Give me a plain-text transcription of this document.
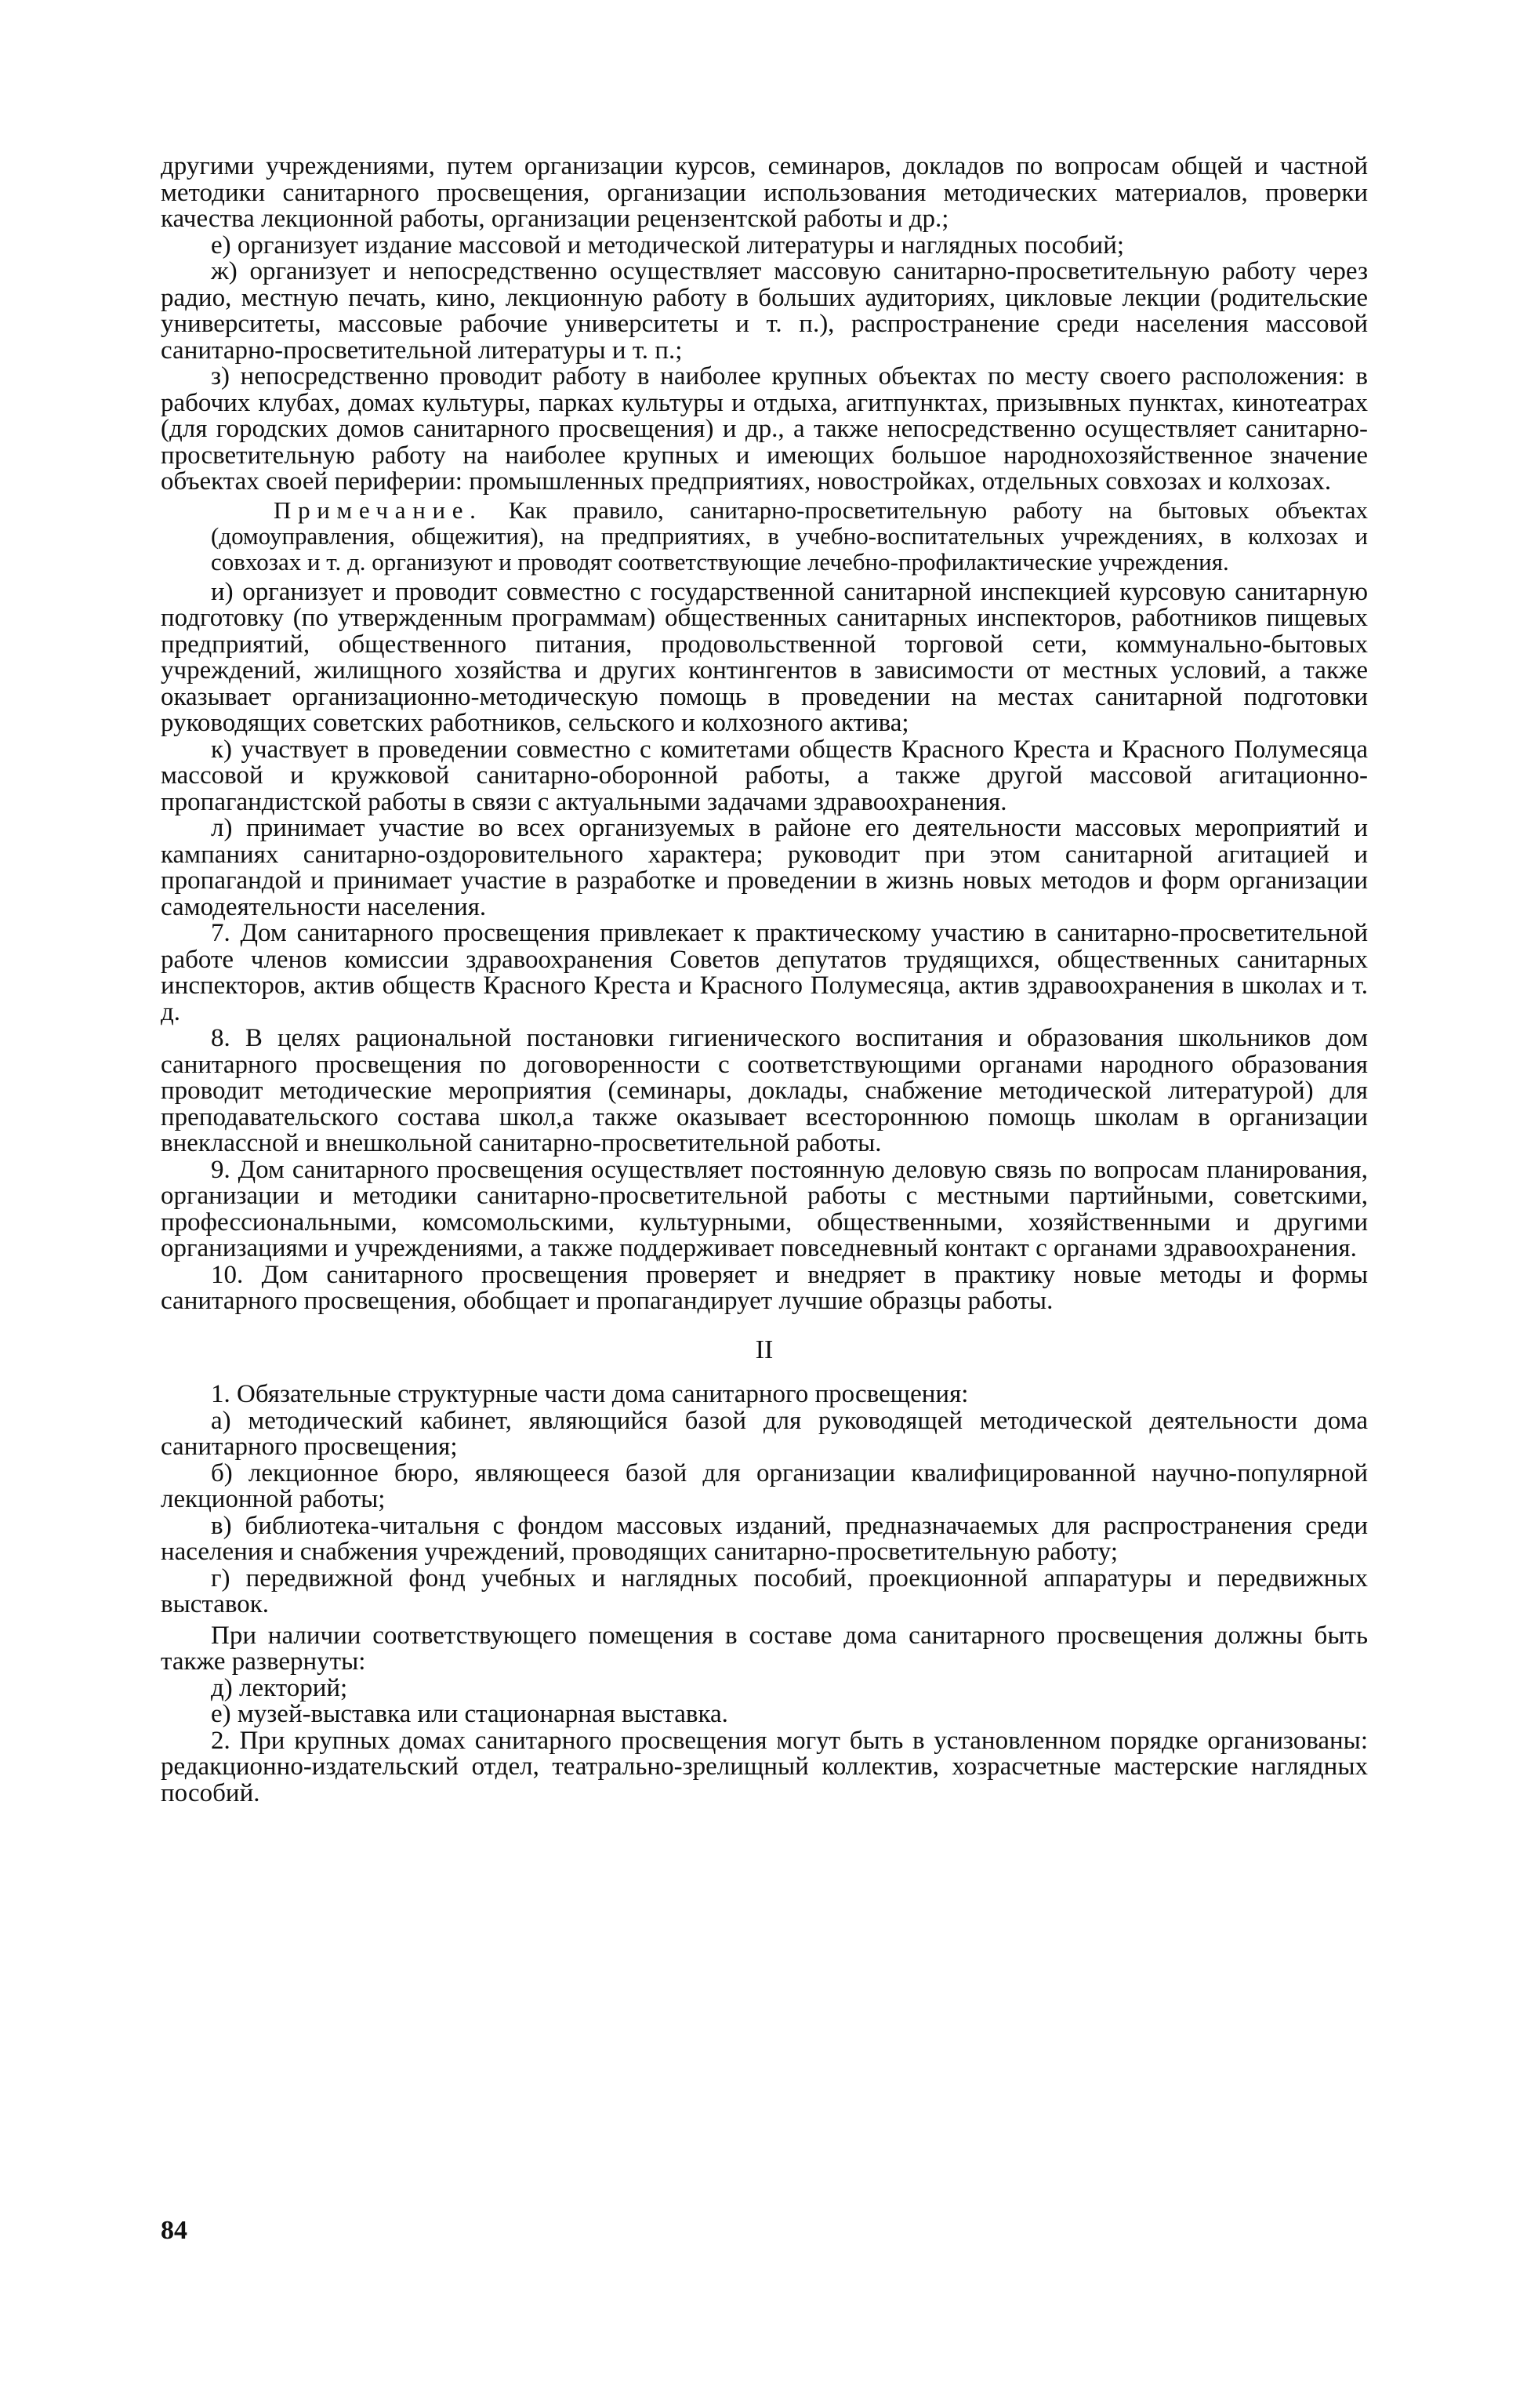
другими учреждениями, путем организации курсов, семинаров, докладов по вопросам общей и частной методики санитарного просвещения, организации использования методических материалов, проверки качества лекционной работы, организации рецензентской работы и др.;

е) организует издание массовой и методической литературы и наглядных пособий;

ж) организует и непосредственно осуществляет массовую санитарно-просветительную работу через радио, местную печать, кино, лекционную работу в больших аудиториях, цикловые лекции (родительские университеты, массовые рабочие университеты и т. п.), распространение среди населения массовой санитарно-просветительной литературы и т. п.;

з) непосредственно проводит работу в наиболее крупных объектах по месту своего расположения: в рабочих клубах, домах культуры, парках культуры и отдыха, агитпунктах, призывных пунктах, кинотеатрах (для городских домов санитарного просвещения) и др., а также непосредственно осуществляет санитарно-просветительную работу на наиболее крупных и имеющих большое народнохозяйственное значение объектах своей периферии: промышленных предприятиях, новостройках, отдельных совхозах и колхозах.

Примечание. Как правило, санитарно-просветительную работу на бытовых объектах (домоуправления, общежития), на предприятиях, в учебно-воспитательных учреждениях, в колхозах и совхозах и т. д. организуют и проводят соответствующие лечебно-профилактические учреждения.

и) организует и проводит совместно с государственной санитарной инспекцией курсовую санитарную подготовку (по утвержденным программам) общественных санитарных инспекторов, работников пищевых предприятий, общественного питания, продовольственной торговой сети, коммунально-бытовых учреждений, жилищного хозяйства и других контингентов в зависимости от местных условий, а также оказывает организационно-методическую помощь в проведении на местах санитарной подготовки руководящих советских работников, сельского и колхозного актива;

к) участвует в проведении совместно с комитетами обществ Красного Креста и Красного Полумесяца массовой и кружковой санитарно-оборонной работы, а также другой массовой агитационно-пропагандистской работы в связи с актуальными задачами здравоохранения.

л) принимает участие во всех организуемых в районе его деятельности массовых мероприятий и кампаниях санитарно-оздоровительного характера; руководит при этом санитарной агитацией и пропагандой и принимает участие в разработке и проведении в жизнь новых методов и форм организации самодеятельности населения.

7. Дом санитарного просвещения привлекает к практическому участию в санитарно-просветительной работе членов комиссии здравоохранения Советов депутатов трудящихся, общественных санитарных инспекторов, актив обществ Красного Креста и Красного Полумесяца, актив здравоохранения в школах и т. д.

8. В целях рациональной постановки гигиенического воспитания и образования школьников дом санитарного просвещения по договоренности с соответствующими органами народного образования проводит методические мероприятия (семинары, доклады, снабжение методической литературой) для преподавательского состава школ,а также оказывает всестороннюю помощь школам в организации внеклассной и внешкольной санитарно-просветительной работы.

9. Дом санитарного просвещения осуществляет постоянную деловую связь по вопросам планирования, организации и методики санитарно-просветительной работы с местными партийными, советскими, профессиональными, комсомольскими, культурными, общественными, хозяйственными и другими организациями и учреждениями, а также поддерживает повседневный контакт с органами здравоохранения.

10. Дом санитарного просвещения проверяет и внедряет в практику новые методы и формы санитарного просвещения, обобщает и пропагандирует лучшие образцы работы.

II

1. Обязательные структурные части дома санитарного просвещения:

а) методический кабинет, являющийся базой для руководящей методической деятельности дома санитарного просвещения;

б) лекционное бюро, являющееся базой для организации квалифицированной научно-популярной лекционной работы;

в) библиотека-читальня с фондом массовых изданий, предназначаемых для распространения среди населения и снабжения учреждений, проводящих санитарно-просветительную работу;

г) передвижной фонд учебных и наглядных пособий, проекционной аппаратуры и передвижных выставок.

При наличии соответствующего помещения в составе дома санитарного просвещения должны быть также развернуты:

д) лекторий;

е) музей-выставка или стационарная выставка.

2. При крупных домах санитарного просвещения могут быть в установленном порядке организованы: редакционно-издательский отдел, театрально-зрелищный коллектив, хозрасчетные мастерские наглядных пособий.

84
